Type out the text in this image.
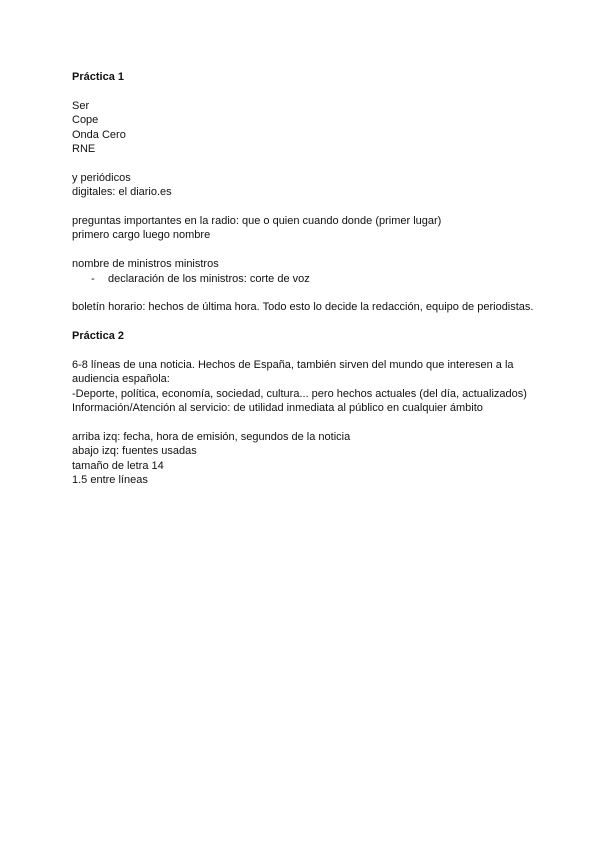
Práctica 1
Ser
Cope
Onda Cero
RNE
y periódicos
digitales: el diario.es
preguntas importantes en la radio: que o quien cuando donde (primer lugar)
primero cargo luego nombre
nombre de ministros ministros
-	declaración de los ministros: corte de voz

boletín horario: hechos de última hora. Todo esto lo decide la redacción, equipo de periodistas.

Práctica 2
6-8 líneas de una noticia. Hechos de España, también sirven del mundo que interesen a la audiencia española:
-Deporte, política, economía, sociedad, cultura... pero hechos actuales (del día, actualizados)
Información/Atención al servicio: de utilidad inmediata al público en cualquier ámbito
arriba izq: fecha, hora de emisión, segundos de la noticia
abajo izq: fuentes usadas
tamaño de letra 14
1.5 entre líneas
